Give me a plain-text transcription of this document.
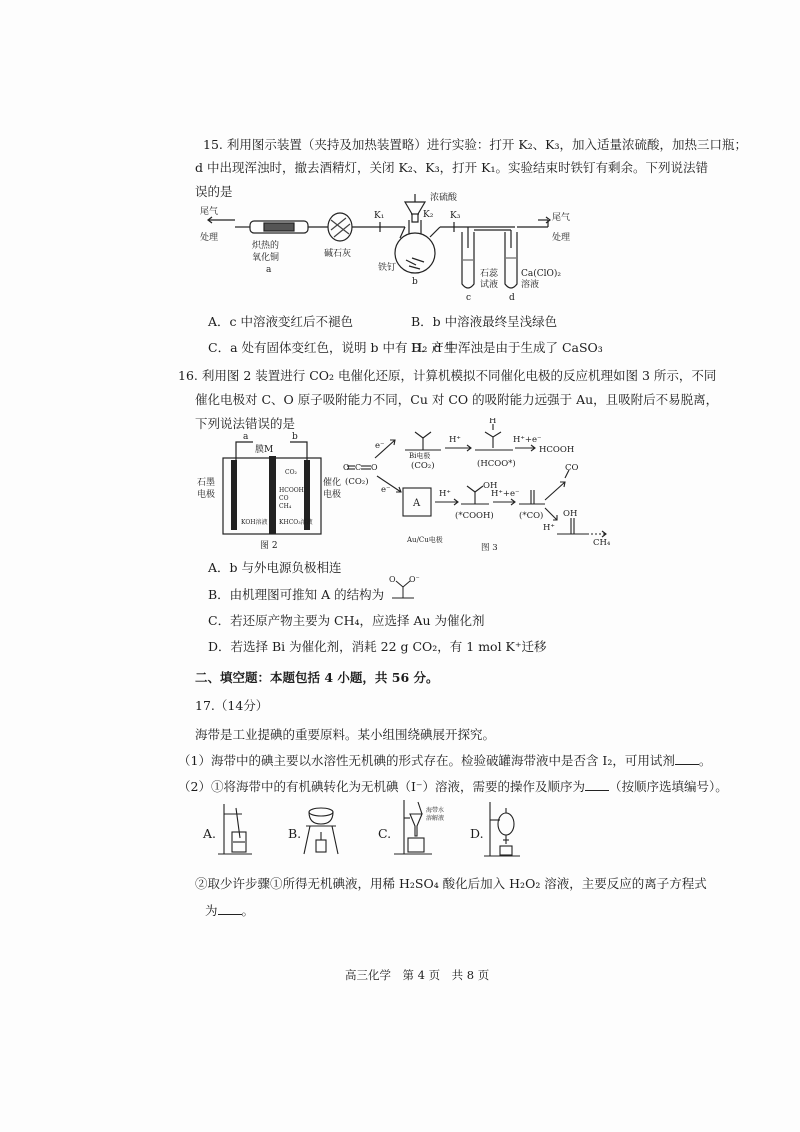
15. 利用图示装置（夹持及加热装置略）进行实验：打开 K₂、K₃，加入适量浓硫酸，加热三口瓶；
d 中出现浑浊时，撤去酒精灯，关闭 K₂、K₃，打开 K₁。实验结束时铁钉有剩余。下列说法错
误的是
尾气
处理
炽热的
氧化铜
a
碱石灰
K₁	K₂ K₃
浓硫酸
铁钉
b
石蕊
试液
c
Ca(ClO)₂
溶液
d
尾气
处理
A．c 中溶液变红后不褪色	B．b 中溶液最终呈浅绿色
C．a 处有固体变红色，说明 b 中有 H₂ 产生
D．d 中浑浊是由于生成了 CaSO₃
16. 利用图 2 装置进行 CO₂ 电催化还原，计算机模拟不同催化电极的反应机理如图 3 所示，不同
催化电极对 C、O 原子吸附能力不同，Cu 对 CO 的吸附能力远强于 Au，且吸附后不易脱离，
下列说法错误的是
a	b
膜M
石墨
电极
催化
电极
CO₂
HCOOH
CO
CH₄
KOH溶液 KHCO₃溶液
图 2
C
O	O
(CO₂)
e⁻
e⁻
Bi电极
(CO₂)
H⁺
H
(HCOO*)
H⁺+e⁻
HCOOH
A
H⁺
OH
(*COOH)
H⁺+e⁻
(*CO)
CO
OH
H⁺
CH₄
Au/Cu电极
图 3
A．b 与外电源负极相连
B．由机理图可推知 A 的结构为
O O⁻
C．若还原产物主要为 CH₄，应选择 Au 为催化剂
D．若选择 Bi 为催化剂，消耗 22 g CO₂，有 1 mol K⁺迁移
二、填空题：本题包括 4 小题，共 56 分。
17.（14分）
海带是工业提碘的重要原料。某小组围绕碘展开探究。
（1）海带中的碘主要以水溶性无机碘的形式存在。检验破罐海带液中是否含 I₂，可用试剂 。
（2）①将海带中的有机碘转化为无机碘（I⁻）溶液，需要的操作及顺序为 （按顺序选填编号）。
A.	B.	C.
海带水
溶解液
D.
②取少许步骤①所得无机碘液，用稀 H₂SO₄ 酸化后加入 H₂O₂ 溶液，主要反应的离子方程式
为 。
高三化学　第 4 页　共 8 页
